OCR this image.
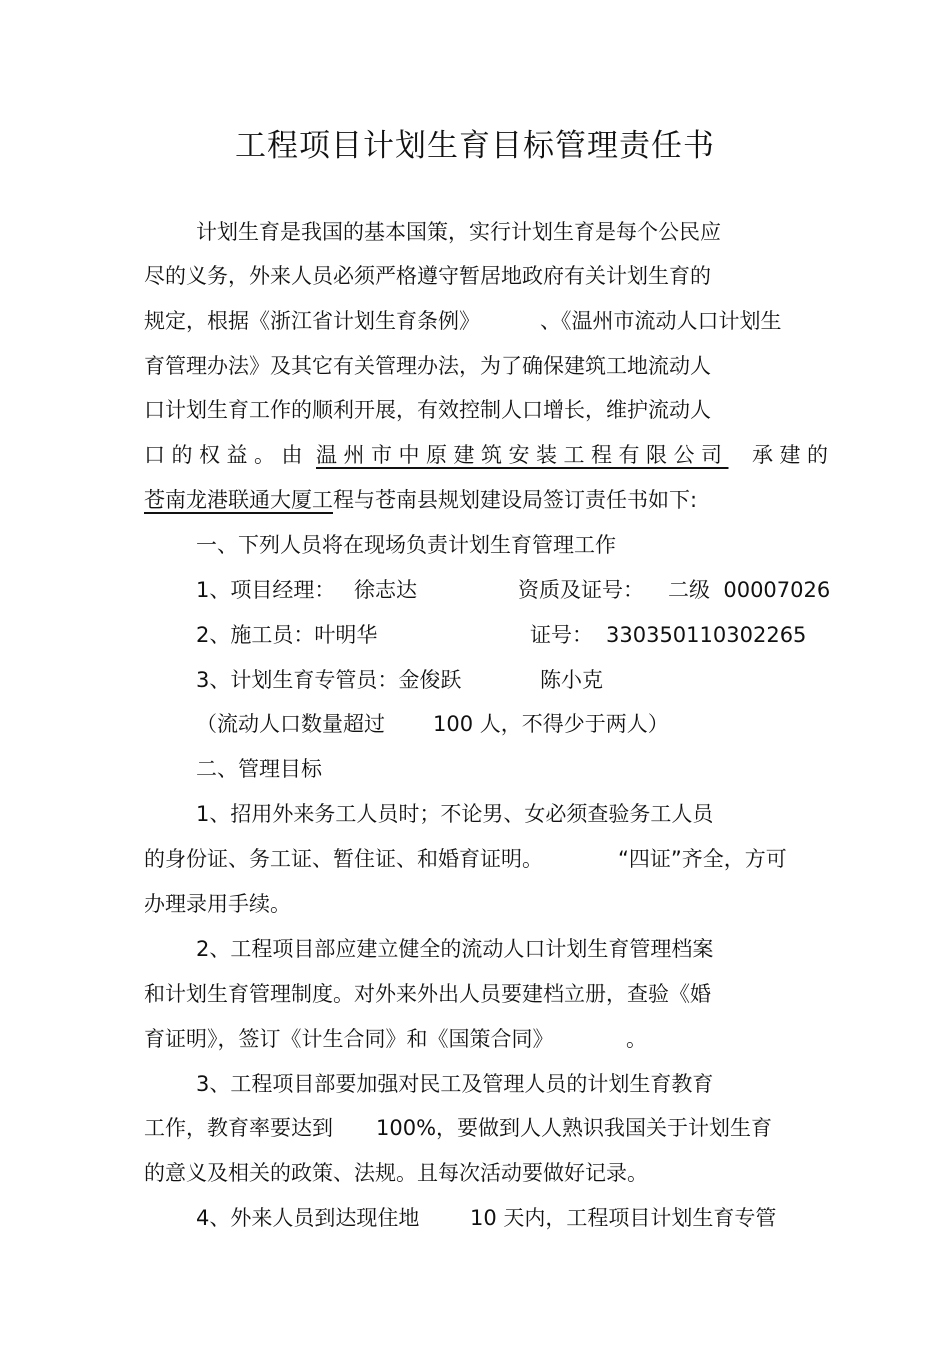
工程项目计划生育目标管理责任书
计划生育是我国的基本国策，实行计划生育是每个公民应
尽的义务，外来人员必须严格遵守暂居地政府有关计划生育的
规定，根据《浙江省计划生育条例》	、《温州市流动人口计划生
育管理办法》及其它有关管理办法，为了确保建筑工地流动人
口计划生育工作的顺利开展，有效控制人口增长，维护流动人
口的权益。由 温州市中原建筑安装工程有限公司 承建的
苍南龙港联通大厦工 程与苍南县规划建设局签订责任书如下:
一、下列人员将在现场负责计划生育管理工作
1、项目经理： 徐志达	资质及证号： 二级  00007026
2、施工员：叶明华	证号： 330350110302265
3、计划生育专管员：金俊跃	陈小克
（流动人口数量超过 100 人，不得少于两人）
二、管理目标
1、招用外来务工人员时；不论男、女必须查验务工人员
的身份证、务工证、暂住证、和婚育证明。	“四证”齐全，方可
办理录用手续。
2、工程项目部应建立健全的流动人口计划生育管理档案
和计划生育管理制度。对外来外出人员要建档立册，查验《婚
育证明》，签订《计生合同》和《国策合同》	。
3、工程项目部要加强对民工及管理人员的计划生育教育
工作，教育率要达到 100%，要做到人人熟识我国关于计划生育
的意义及相关的政策、法规。且每次活动要做好记录。
4、外来人员到达现住地 10 天内，工程项目计划生育专管
